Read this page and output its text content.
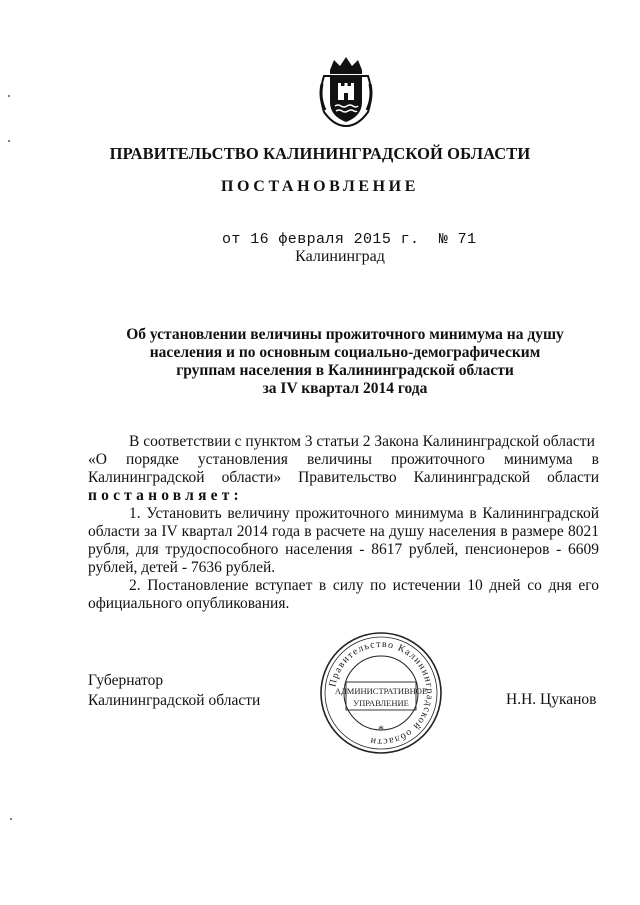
ПРАВИТЕЛЬСТВО КАЛИНИНГРАДСКОЙ ОБЛАСТИ
ПОСТАНОВЛЕНИЕ
от 16 февраля 2015 г. № 71
Калининград
Об установлении величины прожиточного минимума на душу
населения и по основным социально-демографическим
группам населения в Калининградской области
за IV квартал 2014 года
В соответствии с пунктом 3 статьи 2 Закона Калининградской области
«О порядке установления величины прожиточного минимума в
Калининградской области» Правительство Калининградской области
постановляет:
1. Установить величину прожиточного минимума в Калининградской
области за IV квартал 2014 года в расчете на душу населения в размере 8021
рубля, для трудоспособного населения - 8617 рублей, пенсионеров - 6609
рублей, детей - 7636 рублей.
2. Постановление вступает в силу по истечении 10 дней со дня его
официального опубликования.
Губернатор
Калининградской области	Н.Н. Цуканов
Правительство Калининградской области
АДМИНИСТРАТИВНОЕ
УПРАВЛЕНИЕ
*
